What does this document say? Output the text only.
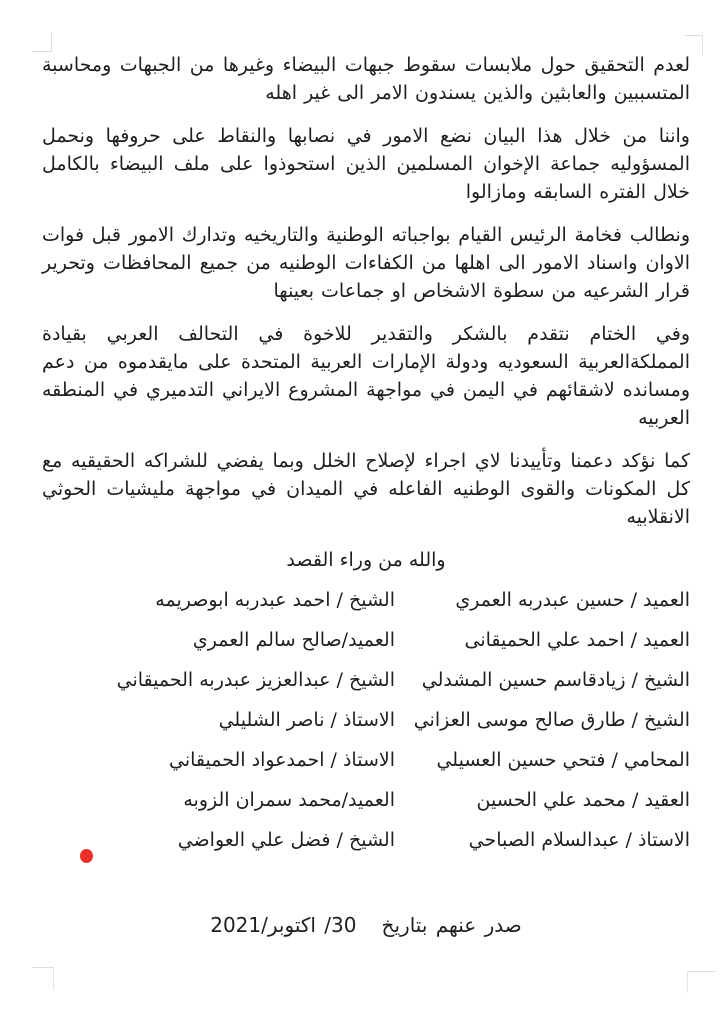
لعدم التحقيق حول ملابسات سقوط جبهات البيضاء وغيرها من الجبهات ومحاسبة المتسببين والعابثين والذين يسندون الامر الى غير اهله

واننا من خلال هذا البيان نضع الامور في نصابها والنقاط على حروفها ونحمل المسؤوليه جماعة الإخوان المسلمين الذين استحوذوا على ملف البيضاء بالكامل خلال الفتره السابقه ومازالوا

ونطالب فخامة الرئيس القيام بواجباته الوطنية والتاريخيه وتدارك الامور قبل فوات الاوان واسناد الامور الى اهلها من الكفاءات الوطنيه من جميع المحافظات وتحرير قرار الشرعيه من سطوة الاشخاص او جماعات بعينها

وفي الختام نتقدم بالشكر والتقدير للاخوة في التحالف العربي بقيادة المملكةالعربية السعوديه ودولة الإمارات العربية المتحدة على مايقدموه من دعم ومسانده لاشقائهم في اليمن في مواجهة المشروع الايراني التدميري في المنطقه العربيه

كما نؤكد دعمنا وتأييدنا لاي اجراء لإصلاح الخلل وبما يفضي للشراكه الحقيقيه مع كل المكونات والقوى الوطنيه الفاعله في الميدان في مواجهة مليشيات الحوثي الانقلابيه

والله من وراء القصد

العميد / حسين عبدربه العمري
الشيخ / احمد عبدربه ابوصريمه
العميد / احمد علي الحميقانى
العميد/صالح سالم العمري
الشيخ / زيادقاسم حسين المشدلي
الشيخ / عبدالعزيز عبدربه الحميقاني
الشيخ / طارق صالح موسى العزاني
الاستاذ / ناصر الشليلي
المحامي / فتحي حسين العسيلي
الاستاذ / احمدعواد الحميقاني
العقيد / محمد علي الحسين
العميد/محمد سمران الزوبه
الاستاذ / عبدالسلام الصباحي
الشيخ / فضل علي العواضي

صدر عنهم بتاريخ   30/ اكتوبر/2021
